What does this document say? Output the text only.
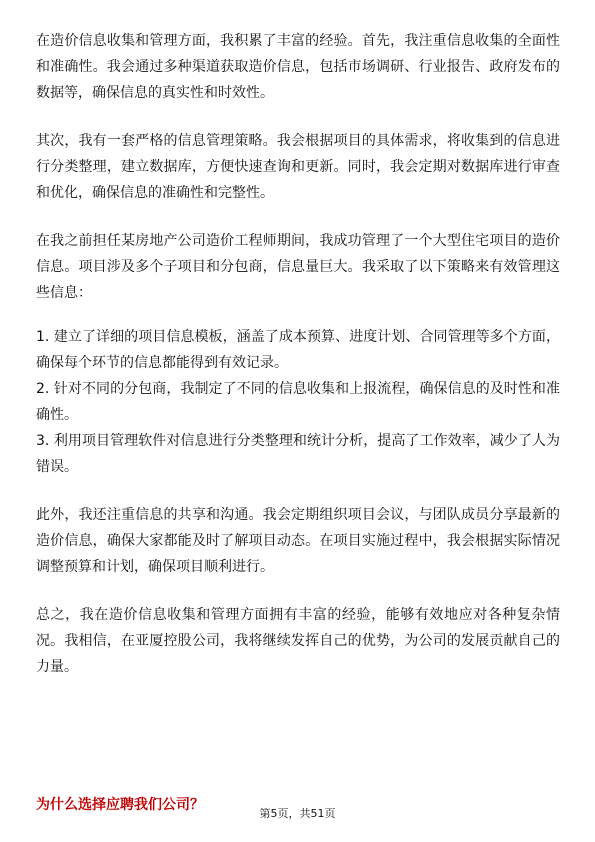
在造价信息收集和管理方面，我积累了丰富的经验。首先，我注重信息收集的全面性和准确性。我会通过多种渠道获取造价信息，包括市场调研、行业报告、政府发布的数据等，确保信息的真实性和时效性。

其次，我有一套严格的信息管理策略。我会根据项目的具体需求，将收集到的信息进行分类整理，建立数据库，方便快速查询和更新。同时，我会定期对数据库进行审查和优化，确保信息的准确性和完整性。

在我之前担任某房地产公司造价工程师期间，我成功管理了一个大型住宅项目的造价信息。项目涉及多个子项目和分包商，信息量巨大。我采取了以下策略来有效管理这些信息：

1. 建立了详细的项目信息模板，涵盖了成本预算、进度计划、合同管理等多个方面，确保每个环节的信息都能得到有效记录。
2. 针对不同的分包商，我制定了不同的信息收集和上报流程，确保信息的及时性和准确性。
3. 利用项目管理软件对信息进行分类整理和统计分析，提高了工作效率，减少了人为错误。

此外，我还注重信息的共享和沟通。我会定期组织项目会议，与团队成员分享最新的造价信息，确保大家都能及时了解项目动态。在项目实施过程中，我会根据实际情况调整预算和计划，确保项目顺利进行。

总之，我在造价信息收集和管理方面拥有丰富的经验，能够有效地应对各种复杂情况。我相信，在亚厦控股公司，我将继续发挥自己的优势，为公司的发展贡献自己的力量。

为什么选择应聘我们公司？
第5页，共51页
